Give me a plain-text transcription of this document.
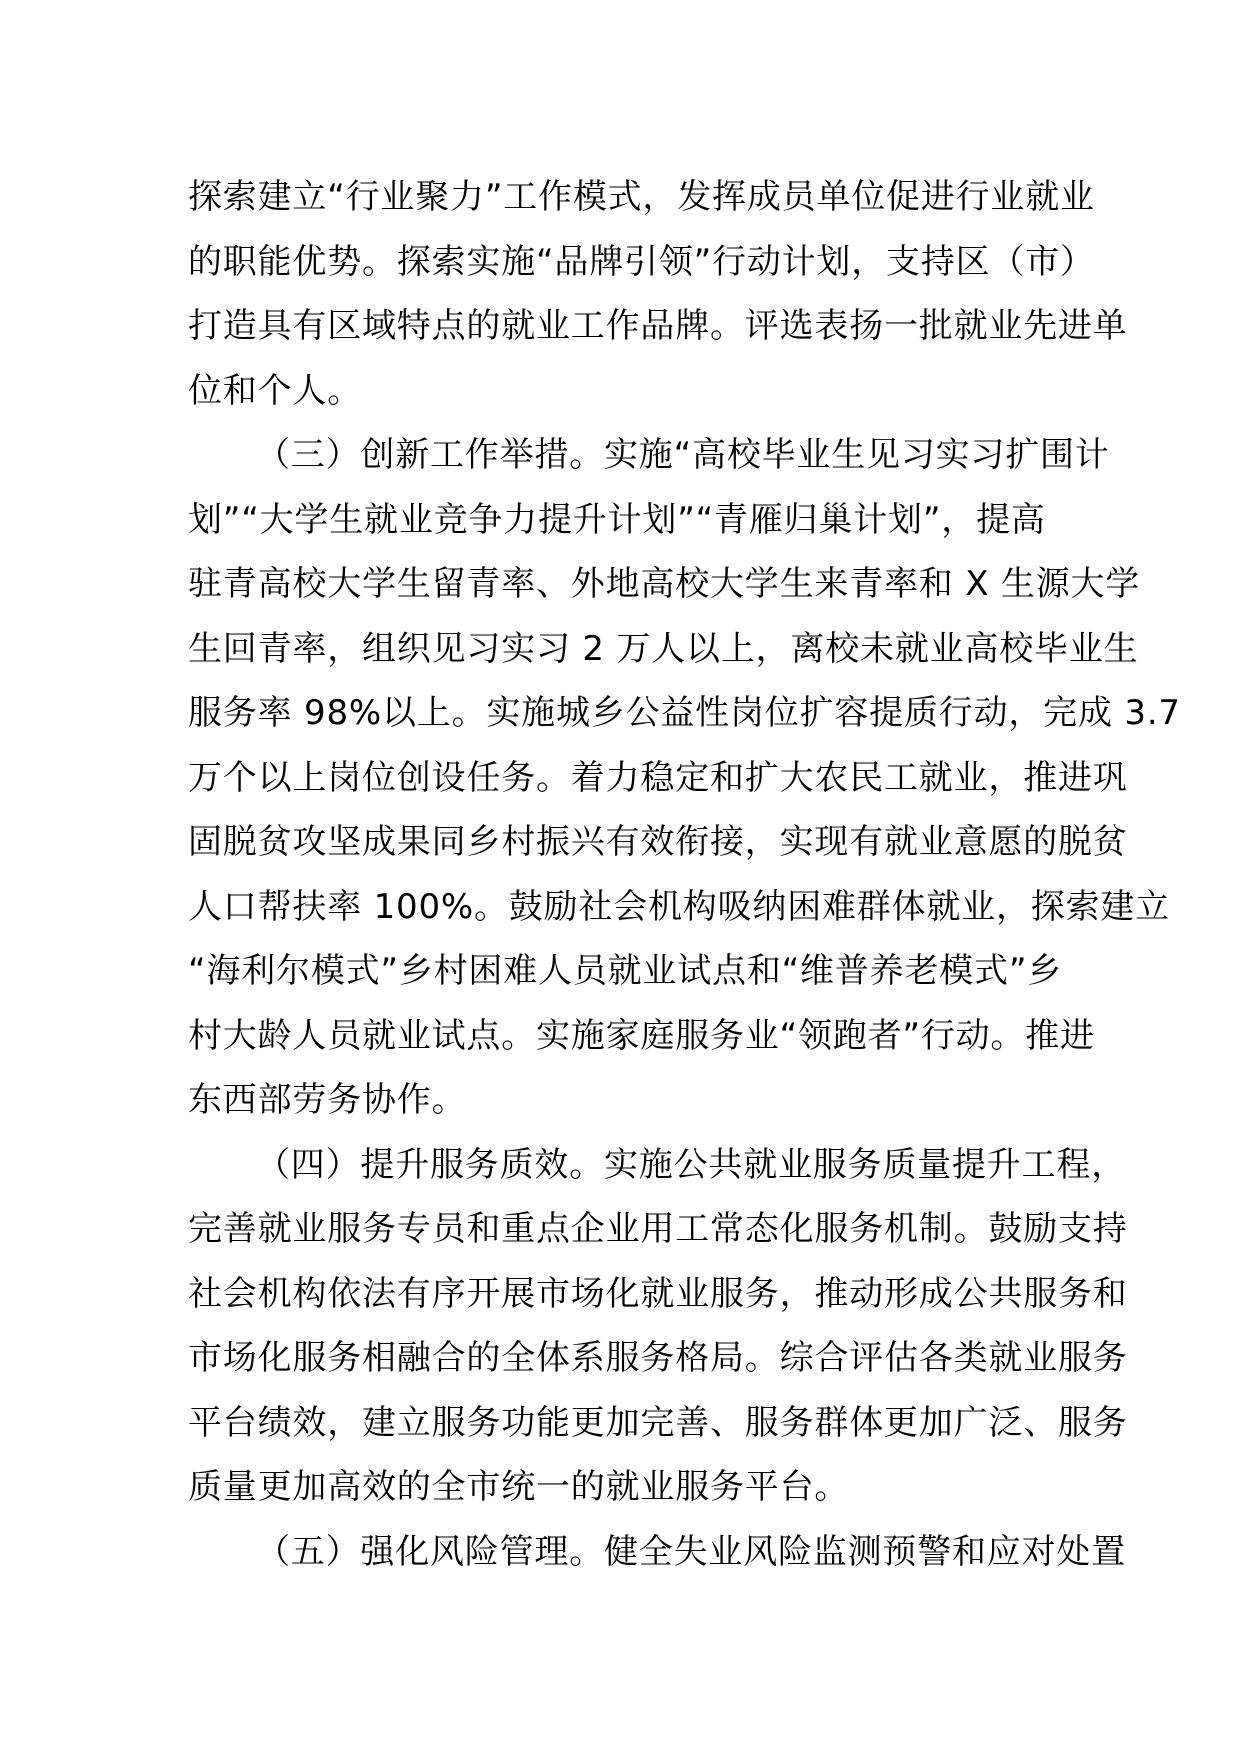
探索建立“行业聚力”工作模式，发挥成员单位促进行业就业
的职能优势。探索实施“品牌引领”行动计划，支持区（市）
打造具有区域特点的就业工作品牌。评选表扬一批就业先进单
位和个人。
（三）创新工作举措。实施“高校毕业生见习实习扩围计
划”“大学生就业竞争力提升计划”“青雁归巢计划”，提高
驻青高校大学生留青率、外地高校大学生来青率和 X 生源大学
生回青率，组织见习实习 2 万人以上，离校未就业高校毕业生
服务率 98%以上。实施城乡公益性岗位扩容提质行动，完成 3.7
万个以上岗位创设任务。着力稳定和扩大农民工就业，推进巩
固脱贫攻坚成果同乡村振兴有效衔接，实现有就业意愿的脱贫
人口帮扶率 100%。鼓励社会机构吸纳困难群体就业，探索建立
“海利尔模式”乡村困难人员就业试点和“维普养老模式”乡
村大龄人员就业试点。实施家庭服务业“领跑者”行动。推进
东西部劳务协作。
（四）提升服务质效。实施公共就业服务质量提升工程，
完善就业服务专员和重点企业用工常态化服务机制。鼓励支持
社会机构依法有序开展市场化就业服务，推动形成公共服务和
市场化服务相融合的全体系服务格局。综合评估各类就业服务
平台绩效，建立服务功能更加完善、服务群体更加广泛、服务
质量更加高效的全市统一的就业服务平台。
（五）强化风险管理。健全失业风险监测预警和应对处置
